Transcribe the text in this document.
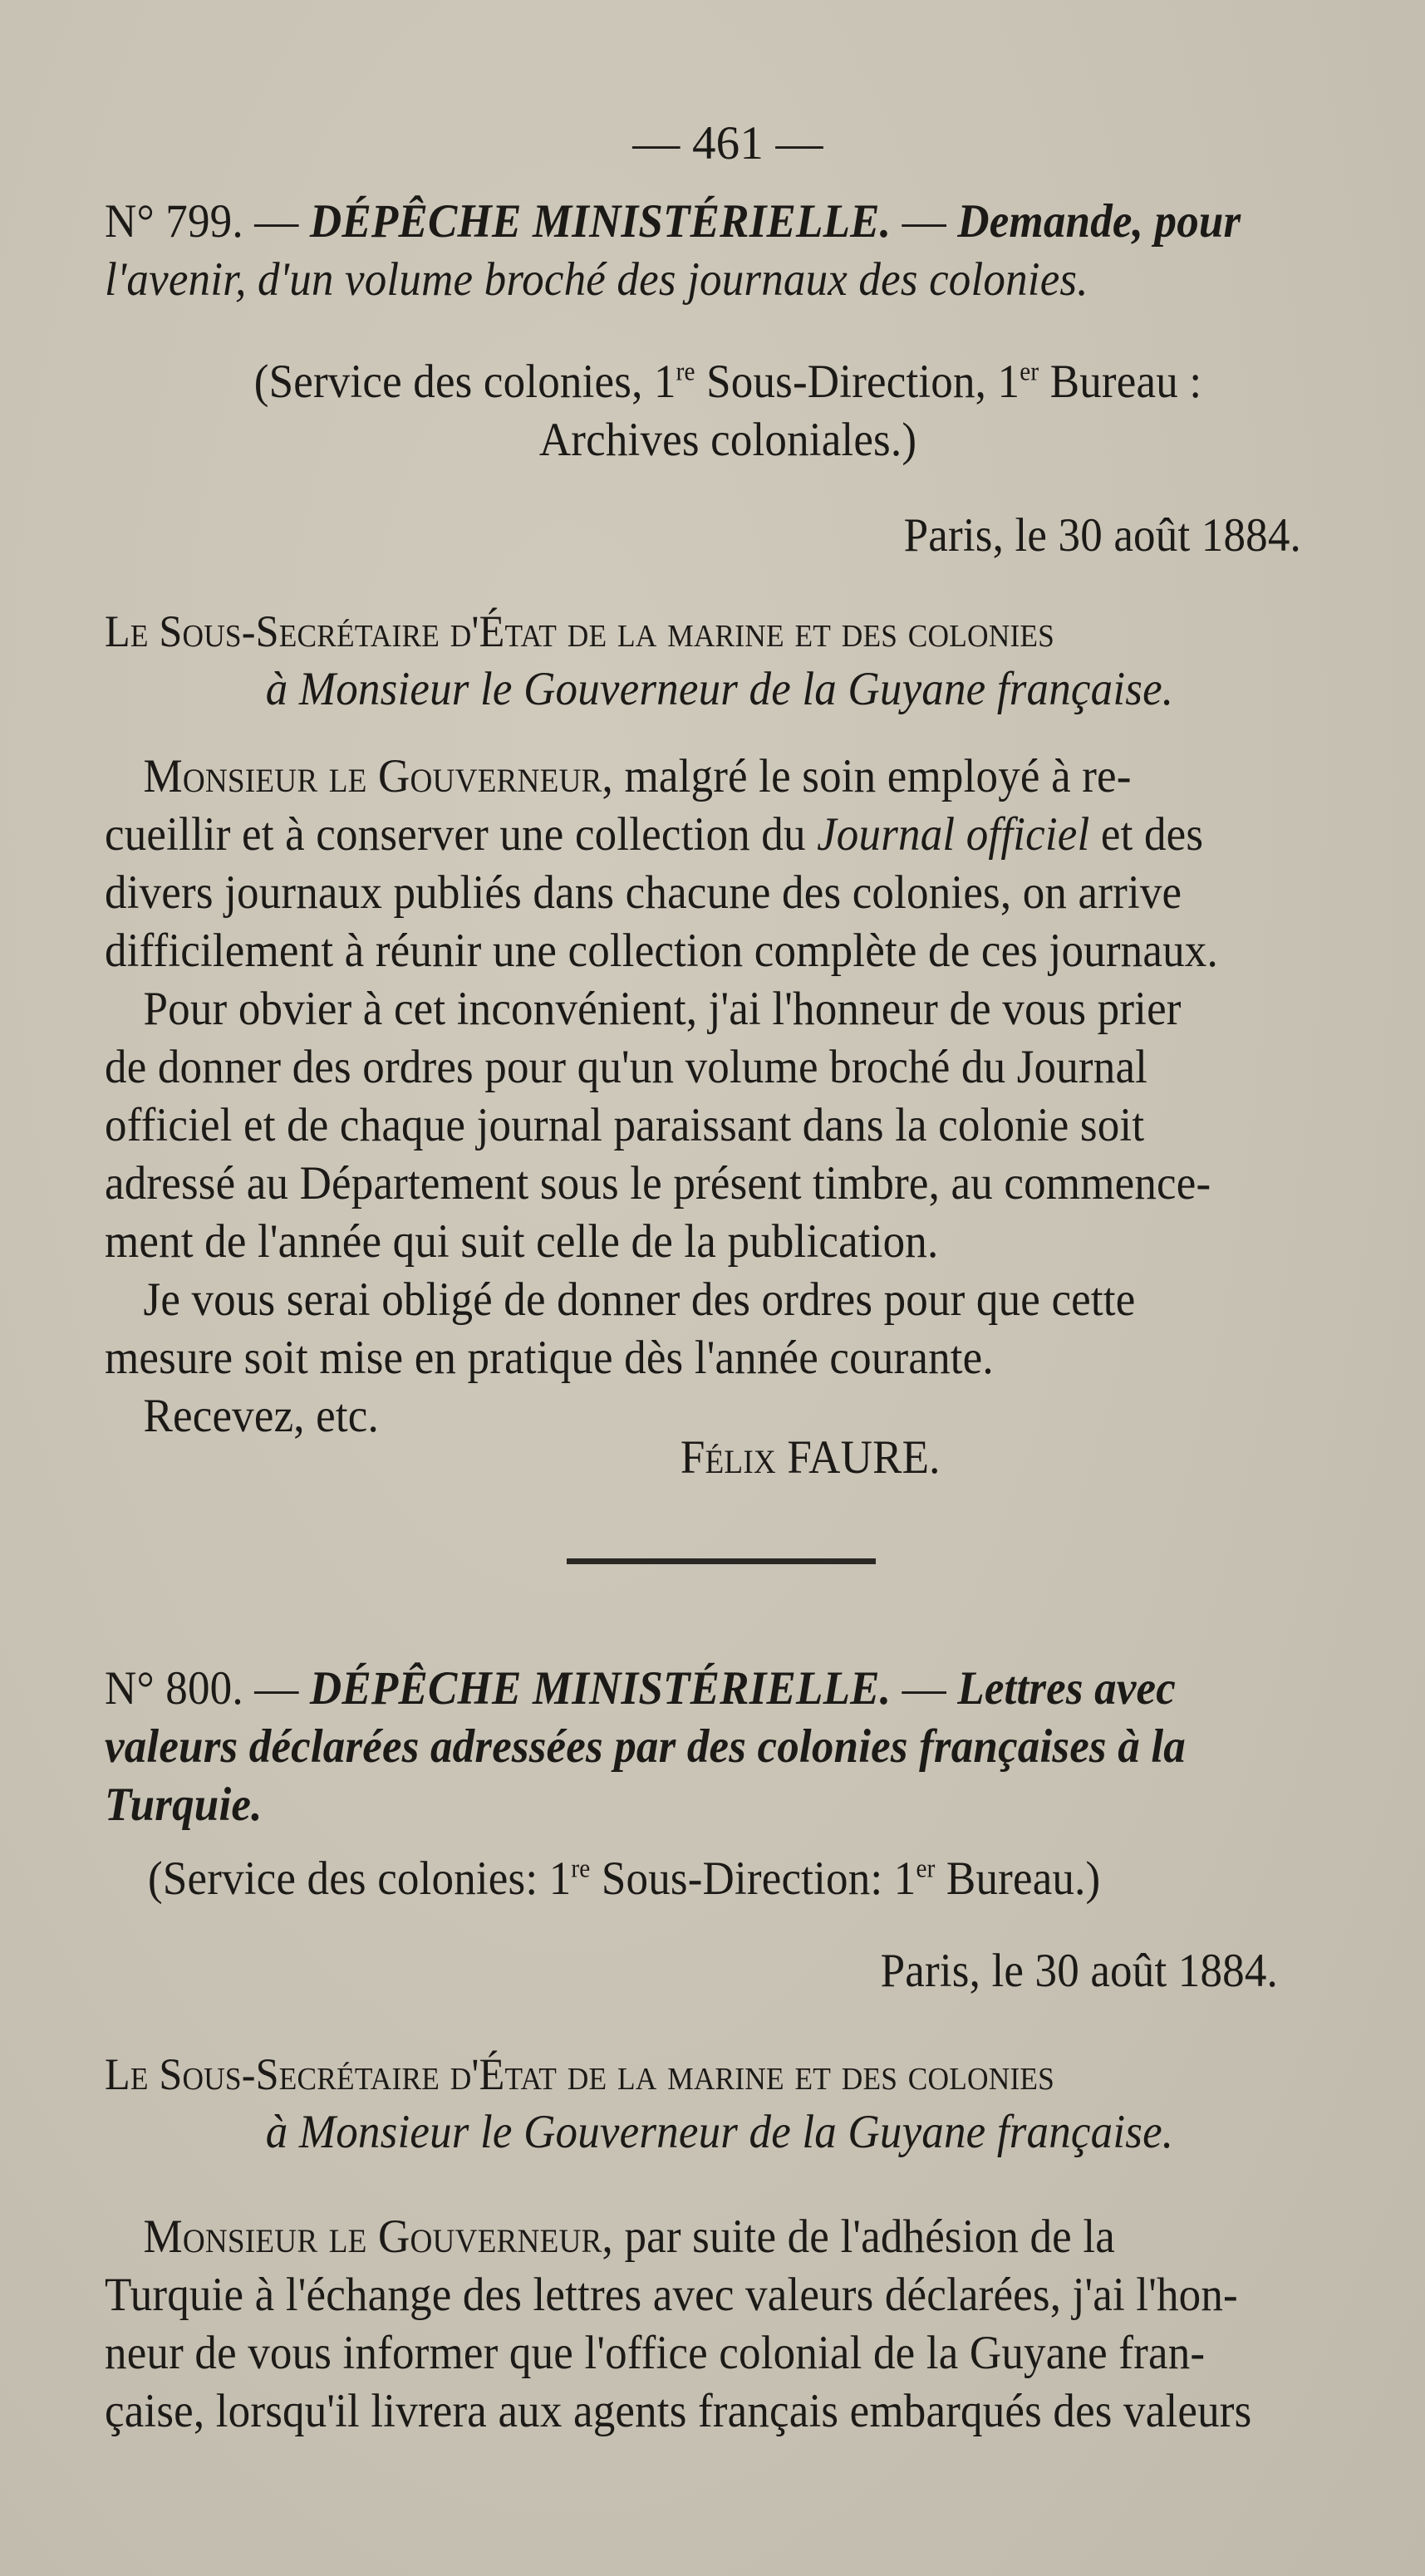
— 461 —
N° 799. — DÉPÊCHE MINISTÉRIELLE. — Demande, pour
l'avenir, d'un volume broché des journaux des colonies.
(Service des colonies, 1re Sous-Direction, 1er Bureau :
Archives coloniales.)
Paris, le 30 août 1884.
Le Sous-Secrétaire d'État de la marine et des colonies
à Monsieur le Gouverneur de la Guyane française.
Monsieur le Gouverneur, malgré le soin employé à re-
cueillir et à conserver une collection du Journal officiel et des
divers journaux publiés dans chacune des colonies, on arrive
difficilement à réunir une collection complète de ces journaux.
Pour obvier à cet inconvénient, j'ai l'honneur de vous prier
de donner des ordres pour qu'un volume broché du Journal
officiel et de chaque journal paraissant dans la colonie soit
adressé au Département sous le présent timbre, au commence-
ment de l'année qui suit celle de la publication.
Je vous serai obligé de donner des ordres pour que cette
mesure soit mise en pratique dès l'année courante.
Recevez, etc.
Félix FAURE.
N° 800. — DÉPÊCHE MINISTÉRIELLE. — Lettres avec
valeurs déclarées adressées par des colonies françaises à la
Turquie.
(Service des colonies: 1re Sous-Direction: 1er Bureau.)
Paris, le 30 août 1884.
Le Sous-Secrétaire d'État de la marine et des colonies
à Monsieur le Gouverneur de la Guyane française.
Monsieur le Gouverneur, par suite de l'adhésion de la
Turquie à l'échange des lettres avec valeurs déclarées, j'ai l'hon-
neur de vous informer que l'office colonial de la Guyane fran-
çaise, lorsqu'il livrera aux agents français embarqués des valeurs
